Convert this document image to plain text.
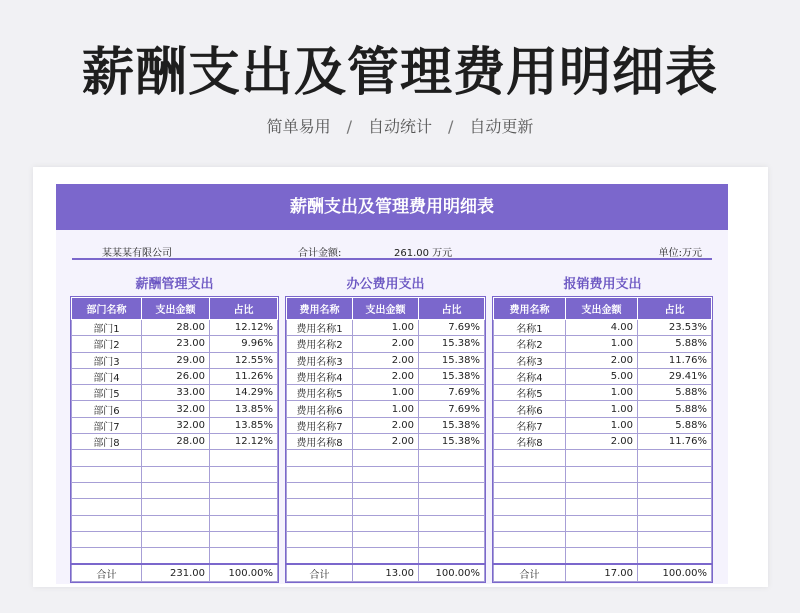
薪酬支出及管理费用明细表
简单易用 / 自动统计 / 自动更新
薪酬支出及管理费用明细表
某某某有限公司	合计金额:	261.00 万元	单位:万元
薪酬管理支出
部门名称	支出金额	占比
部门1	28.00	12.12%
部门2	23.00	9.96%
部门3	29.00	12.55%
部门4	26.00	11.26%
部门5	33.00	14.29%
部门6	32.00	13.85%
部门7	32.00	13.85%
部门8	28.00	12.12%

合计	231.00	100.00%
办公费用支出
费用名称	支出金额	占比
费用名称1	1.00	7.69%
费用名称2	2.00	15.38%
费用名称3	2.00	15.38%
费用名称4	2.00	15.38%
费用名称5	1.00	7.69%
费用名称6	1.00	7.69%
费用名称7	2.00	15.38%
费用名称8	2.00	15.38%

合计	13.00	100.00%
报销费用支出
费用名称	支出金额	占比
名称1	4.00	23.53%
名称2	1.00	5.88%
名称3	2.00	11.76%
名称4	5.00	29.41%
名称5	1.00	5.88%
名称6	1.00	5.88%
名称7	1.00	5.88%
名称8	2.00	11.76%

合计	17.00	100.00%
